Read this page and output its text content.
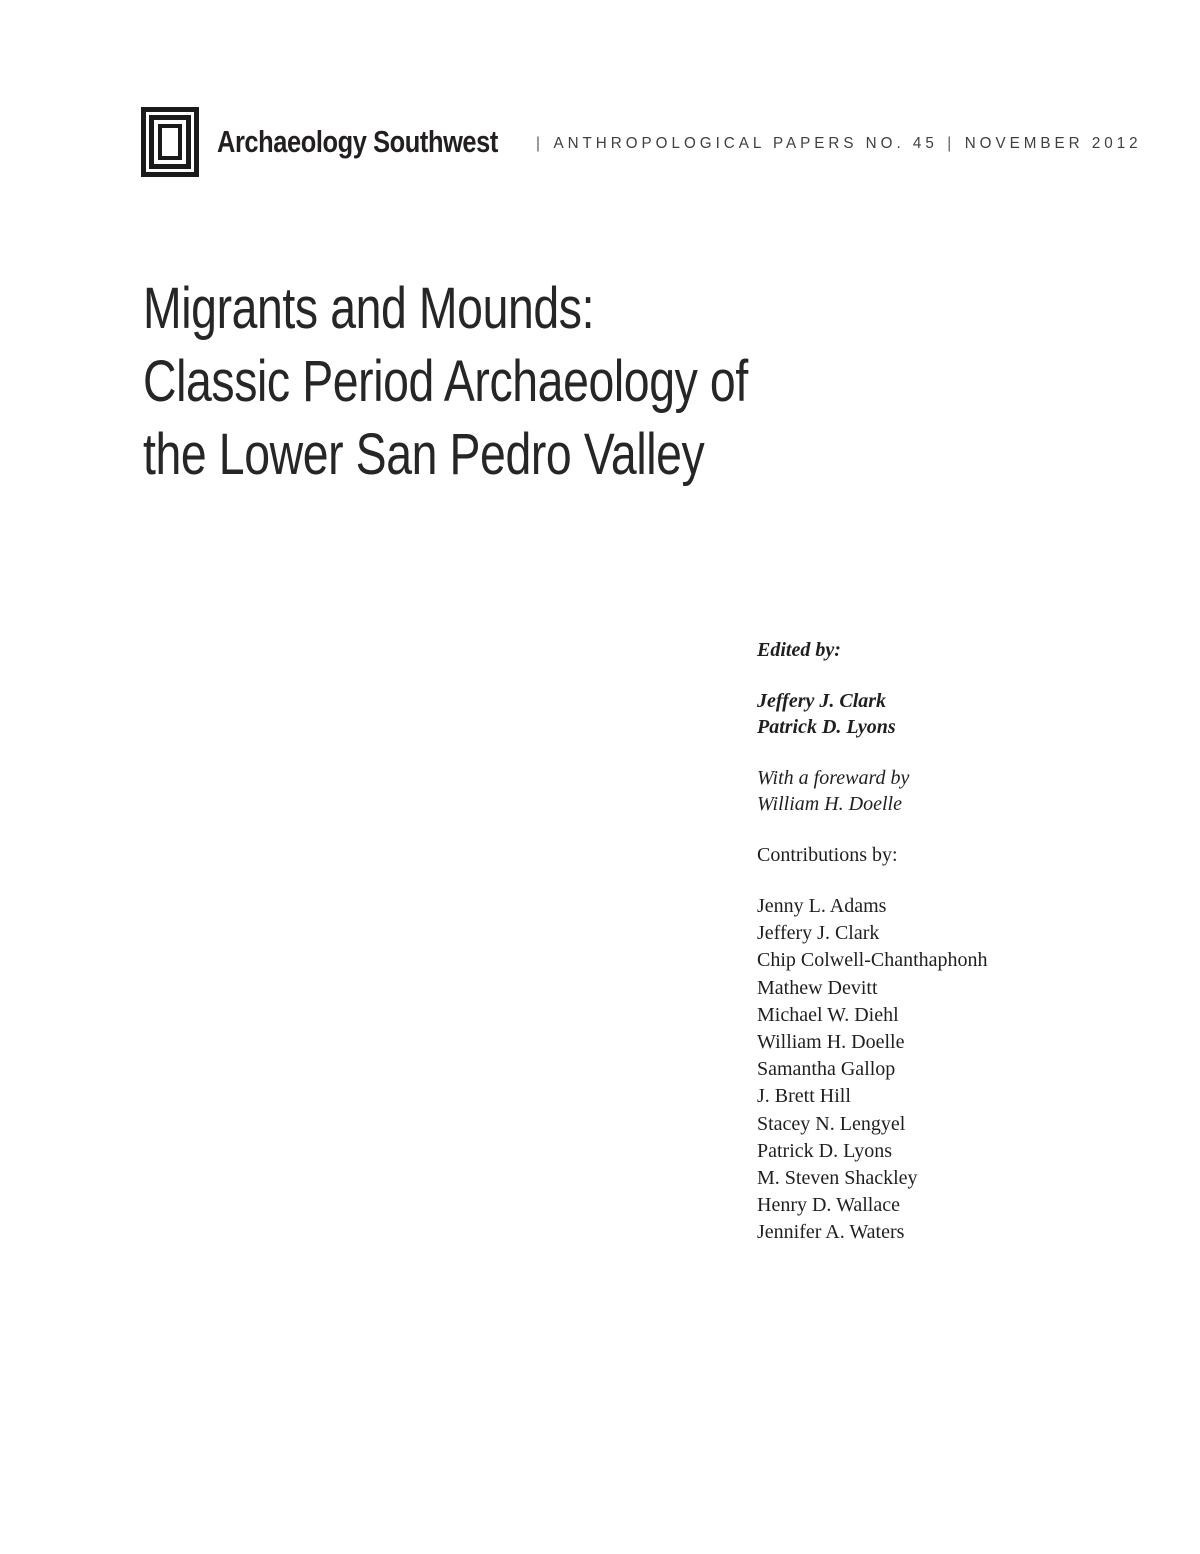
Archaeology Southwest | ANTHROPOLOGICAL PAPERS NO. 45 | NOVEMBER 2012
Migrants and Mounds:
Classic Period Archaeology of
the Lower San Pedro Valley

Edited by:

Jeffery J. Clark
Patrick D. Lyons

With a foreward by
William H. Doelle

Contributions by:

Jenny L. Adams
Jeffery J. Clark
Chip Colwell-Chanthaphonh
Mathew Devitt
Michael W. Diehl
William H. Doelle
Samantha Gallop
J. Brett Hill
Stacey N. Lengyel
Patrick D. Lyons
M. Steven Shackley
Henry D. Wallace
Jennifer A. Waters
